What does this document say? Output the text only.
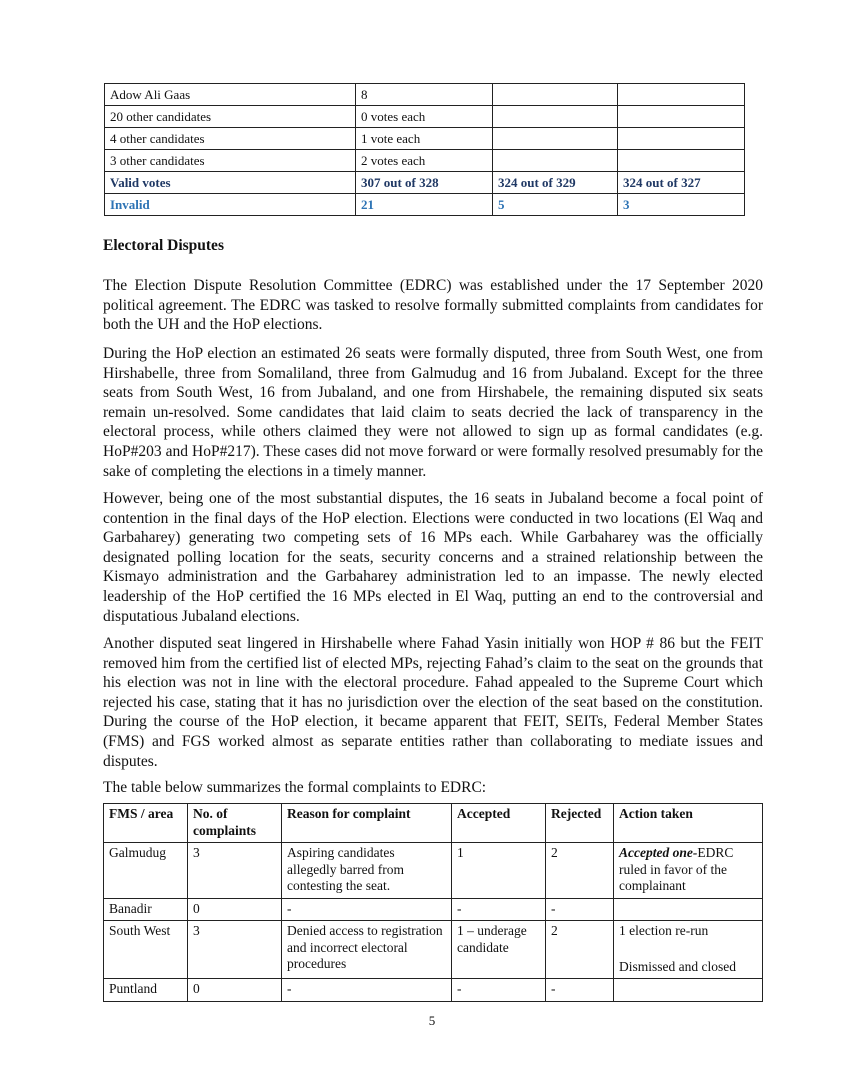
Adow Ali Gaas	8		
20 other candidates	0 votes each		
4 other candidates	1 vote each		
3 other candidates	2 votes each		
Valid votes	307 out of 328	324 out of 329	324 out of 327
Invalid	21	5	3
Electoral Disputes

The Election Dispute Resolution Committee (EDRC) was established under the 17 September 2020 political agreement. The EDRC was tasked to resolve formally submitted complaints from candidates for both the UH and the HoP elections.

During the HoP election an estimated 26 seats were formally disputed, three from South West, one from Hirshabelle, three from Somaliland, three from Galmudug and 16 from Jubaland. Except for the three seats from South West, 16 from Jubaland, and one from Hirshabele, the remaining disputed six seats remain un-resolved. Some candidates that laid claim to seats decried the lack of transparency in the electoral process, while others claimed they were not allowed to sign up as formal candidates (e.g. HoP#203 and HoP#217). These cases did not move forward or were formally resolved presumably for the sake of completing the elections in a timely manner.

However, being one of the most substantial disputes, the 16 seats in Jubaland become a focal point of contention in the final days of the HoP election. Elections were conducted in two locations (El Waq and Garbaharey) generating two competing sets of 16 MPs each. While Garbaharey was the officially designated polling location for the seats, security concerns and a strained relationship between the Kismayo administration and the Garbaharey administration led to an impasse. The newly elected leadership of the HoP certified the 16 MPs elected in El Waq, putting an end to the controversial and disputatious Jubaland elections.

Another disputed seat lingered in Hirshabelle where Fahad Yasin initially won HOP # 86 but the FEIT removed him from the certified list of elected MPs, rejecting Fahad’s claim to the seat on the grounds that his election was not in line with the electoral procedure. Fahad appealed to the Supreme Court which rejected his case, stating that it has no jurisdiction over the election of the seat based on the constitution. During the course of the HoP election, it became apparent that FEIT, SEITs, Federal Member States (FMS) and FGS worked almost as separate entities rather than collaborating to mediate issues and disputes.

The table below summarizes the formal complaints to EDRC:

FMS / area	No. of complaints	Reason for complaint	Accepted	Rejected	Action taken
Galmudug	3	Aspiring candidates allegedly barred from contesting the seat.	1	2	Accepted one-EDRC ruled in favor of the complainant
Banadir	0	-	-	-	
South West	3	Denied access to registration and incorrect electoral procedures	1 – underage candidate	2	1 election re-run
Dismissed and closed

Puntland	0	-	-	-	
5
